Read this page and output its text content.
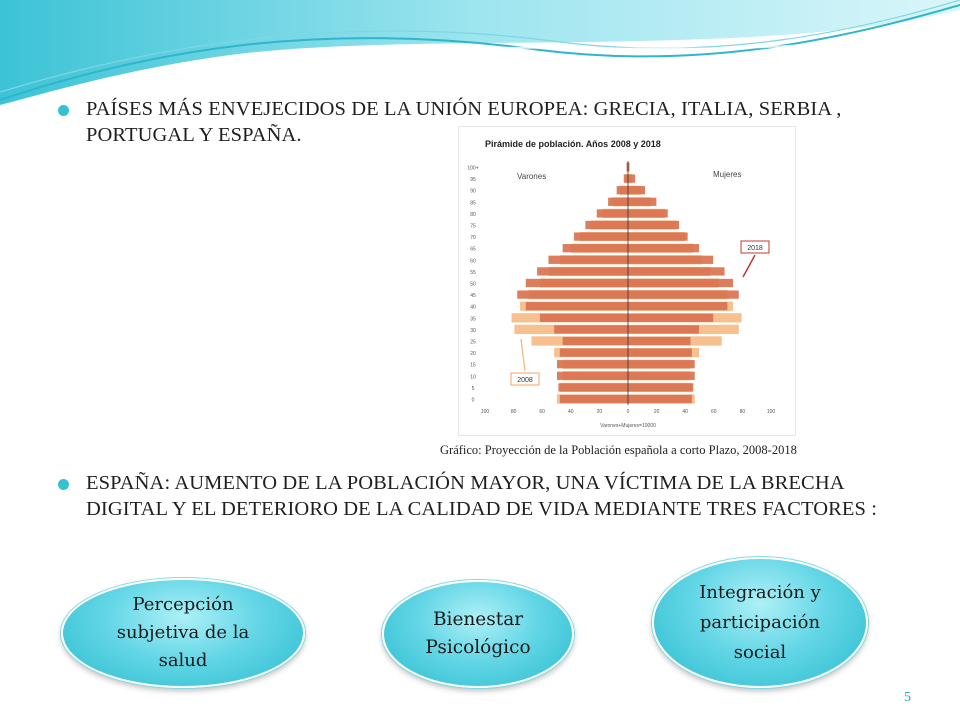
PAÍSES MÁS ENVEJECIDOS DE LA UNIÓN EUROPEA: GRECIA, ITALIA, SERBIA , PORTUGAL Y ESPAÑA.	Pirámide de población. Años 2008 y 2018
Varones	Mujeres
0
5
10
15
20
25
30
35
40
45
50
55
60
65
70
75
80
85
90
95
100+
100	80	60	40	20	0	20	40	60	80	100
Varones+Mujeres=10000
2018
2008
Gráfico: Proyección de la Población española a corto Plazo, 2008-2018
ESPAÑA: AUMENTO DE LA POBLACIÓN MAYOR, UNA VÍCTIMA DE LA BRECHA DIGITAL Y EL DETERIORO DE LA CALIDAD DE VIDA MEDIANTE TRES FACTORES :
Percepción
subjetiva de la
salud
Bienestar
Psicológico
Integración y
participación
social
5
